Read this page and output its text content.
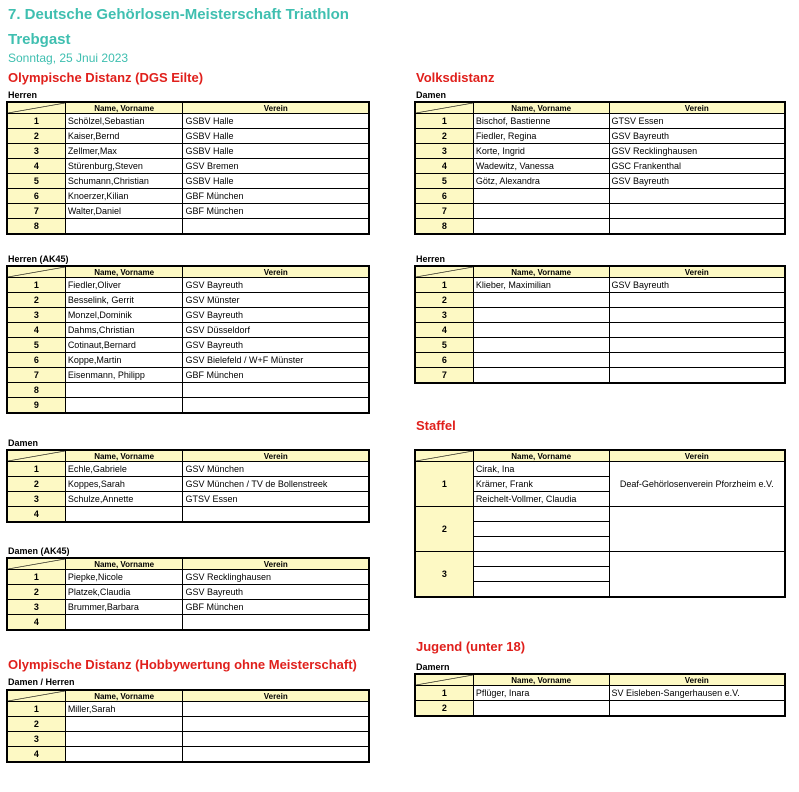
7. Deutsche Gehörlosen-Meisterschaft Triathlon
Trebgast
Sonntag, 25 Jnui 2023
Olympische Distanz (DGS Eilte)
Herren
	Name, Vorname	Verein
1	Schölzel,Sebastian	GSBV Halle
2	Kaiser,Bernd	GSBV Halle
3	Zellmer,Max	GSBV Halle
4	Stürenburg,Steven	GSV Bremen
5	Schumann,Christian	GSBV Halle
6	Knoerzer,Kilian	GBF München
7	Walter,Daniel	GBF München
8		
Herren (AK45)
	Name, Vorname	Verein
1	Fiedler,Oliver	GSV Bayreuth
2	Besselink, Gerrit	GSV Münster
3	Monzel,Dominik	GSV Bayreuth
4	Dahms,Christian	GSV Düsseldorf
5	Cotinaut,Bernard	GSV Bayreuth
6	Koppe,Martin	GSV Bielefeld / W+F Münster
7	Eisenmann, Philipp	GBF München
8		
9		
Damen
	Name, Vorname	Verein
1	Echle,Gabriele	GSV München
2	Koppes,Sarah	GSV München / TV de Bollenstreek
3	Schulze,Annette	GTSV Essen
4		
Damen (AK45)
	Name, Vorname	Verein
1	Piepke,Nicole	GSV Recklinghausen
2	Platzek,Claudia	GSV Bayreuth
3	Brummer,Barbara	GBF München
4		
Olympische Distanz (Hobbywertung ohne Meisterschaft)
Damen / Herren
	Name, Vorname	Verein
1	Miller,Sarah	
2		
3		
4		
Volksdistanz
Damen
	Name, Vorname	Verein
1	Bischof, Bastienne	GTSV Essen
2	Fiedler, Regina	GSV Bayreuth
3	Korte, Ingrid	GSV Recklinghausen
4	Wadewitz, Vanessa	GSC Frankenthal
5	Götz, Alexandra	GSV Bayreuth
6		
7		
8		
Herren
	Name, Vorname	Verein
1	Klieber, Maximilian	GSV Bayreuth
2		
3		
4		
5		
6		
7		
Staffel
	Name, Vorname	Verein
1	Cirak, Ina	Deaf-Gehörlosenverein Pforzheim e.V.
	Krämer, Frank	
	Reichelt-Vollmer, Claudia	
2		

3		

Jugend (unter 18)
Damern
	Name, Vorname	Verein
1	Pflüger, Inara	SV Eisleben-Sangerhausen e.V.
2		
